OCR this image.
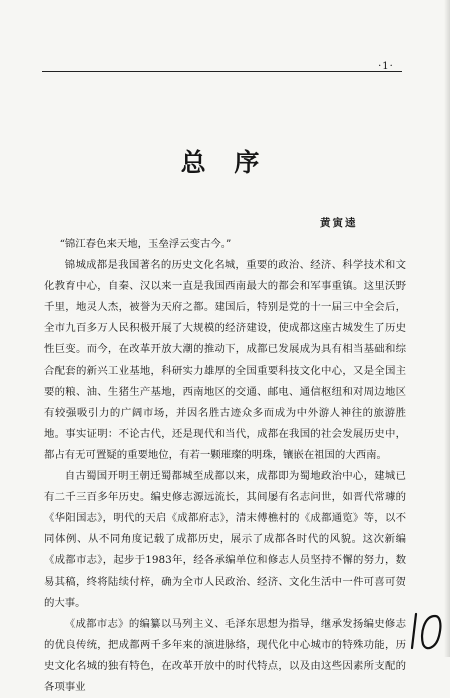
·1·
总 序
黄寅逵

“锦江春色来天地，玉垒浮云变古今。”

锦城成都是我国著名的历史文化名城，重要的政治、经济、科学技术和文化教育中心，自秦、汉以来一直是我国西南最大的都会和军事重镇。这里沃野千里，地灵人杰，被誉为天府之都。建国后，特别是党的十一届三中全会后，全市九百多万人民积极开展了大规模的经济建设，使成都这座古城发生了历史性巨变。而今，在改革开放大潮的推动下，成都已发展成为具有相当基础和综合配套的新兴工业基地，科研实力雄厚的全国重要科技文化中心，又是全国主要的粮、油、生猪生产基地，西南地区的交通、邮电、通信枢纽和对周边地区有较强吸引力的广阔市场，并因名胜古迹众多而成为中外游人神往的旅游胜地。事实证明：不论古代，还是现代和当代，成都在我国的社会发展历史中，都占有无可置疑的重要地位，有若一颗璀璨的明珠，镶嵌在祖国的大西南。

自古蜀国开明王朝迁蜀都城至成都以来，成都即为蜀地政治中心，建城已有二千三百多年历史。编史修志源远流长，其间屡有名志问世，如晋代常璩的《华阳国志》，明代的天启《成都府志》，清末傅樵村的《成都通览》等，以不同体例、从不同角度记载了成都历史，展示了成都各时代的风貌。这次新编《成都市志》，起步于1983年，经各承编单位和修志人员坚持不懈的努力，数易其稿，终将陆续付梓，确为全市人民政治、经济、文化生活中一件可喜可贺的大事。

《成都市志》的编纂以马列主义、毛泽东思想为指导，继承发扬编史修志的优良传统，把成都两千多年来的演进脉络，现代化中心城市的特殊功能，历史文化名城的独有特色，在改革开放中的时代特点，以及由这些因素所支配的各项事业
